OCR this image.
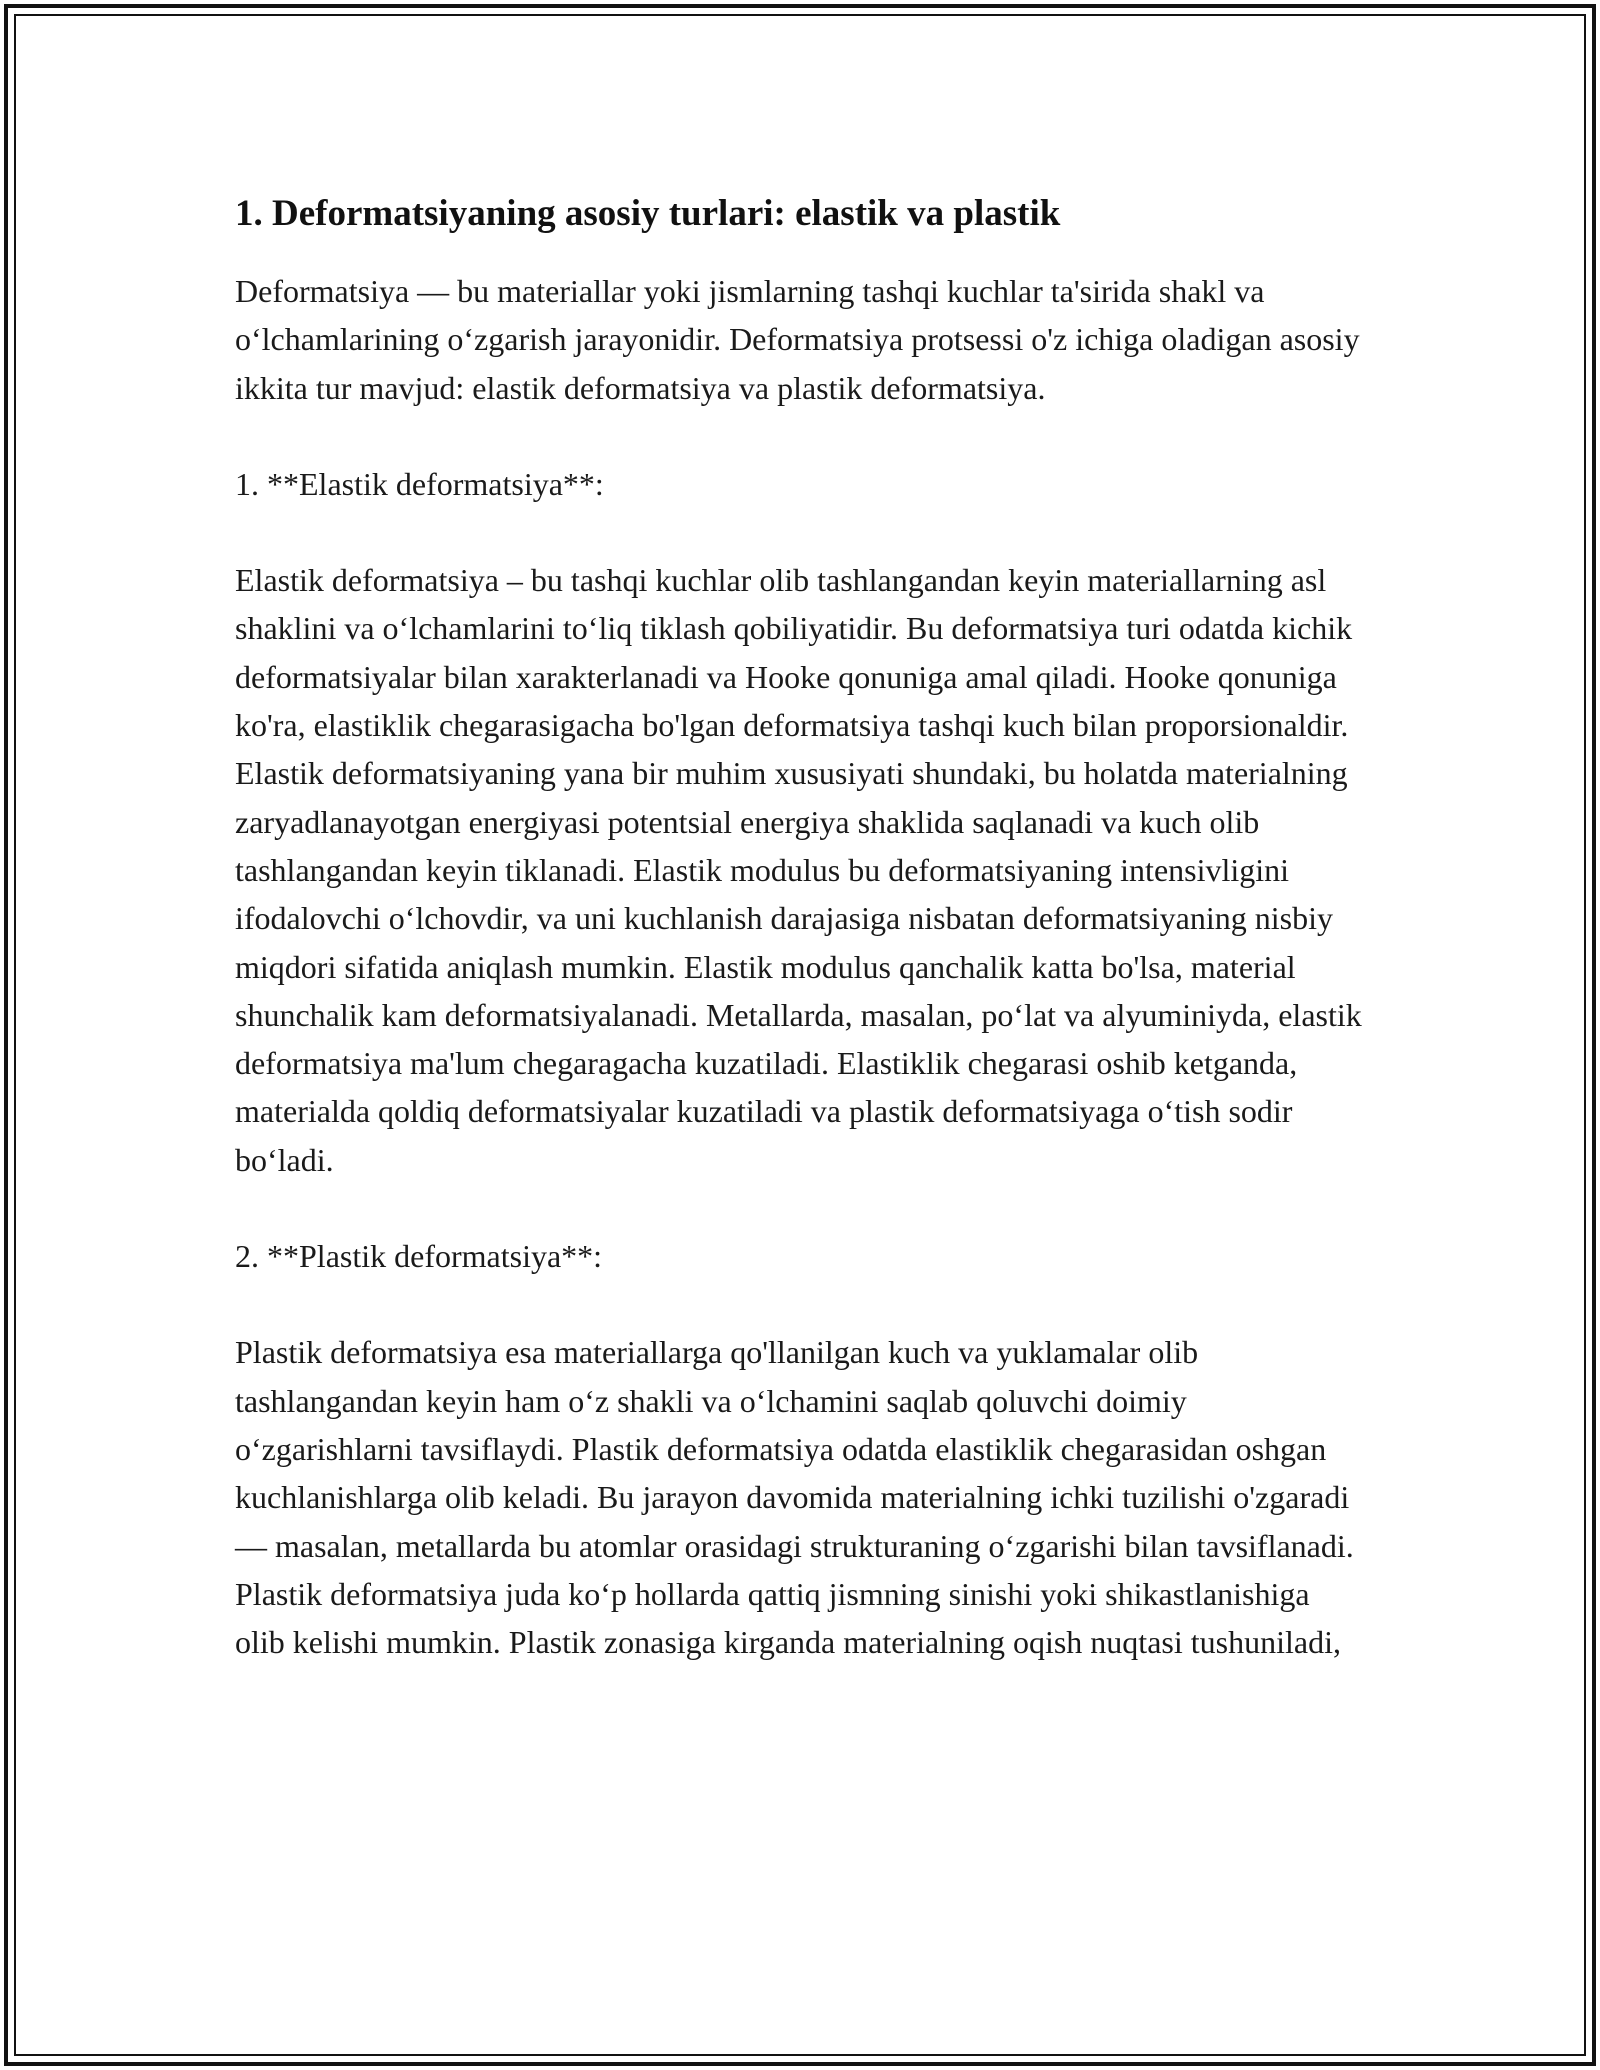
1. Deformatsiyaning asosiy turlari: elastik va plastik

Deformatsiya — bu materiallar yoki jismlarning tashqi kuchlar ta'sirida shakl va o‘lchamlarining o‘zgarish jarayonidir. Deformatsiya protsessi o'z ichiga oladigan asosiy ikkita tur mavjud: elastik deformatsiya va plastik deformatsiya.

1. **Elastik deformatsiya**:

Elastik deformatsiya – bu tashqi kuchlar olib tashlangandan keyin materiallarning asl shaklini va o‘lchamlarini to‘liq tiklash qobiliyatidir. Bu deformatsiya turi odatda kichik deformatsiyalar bilan xarakterlanadi va Hooke qonuniga amal qiladi. Hooke qonuniga ko'ra, elastiklik chegarasigacha bo'lgan deformatsiya tashqi kuch bilan proporsionaldir. Elastik deformatsiyaning yana bir muhim xususiyati shundaki, bu holatda materialning zaryadlanayotgan energiyasi potentsial energiya shaklida saqlanadi va kuch olib tashlangandan keyin tiklanadi. Elastik modulus bu deformatsiyaning intensivligini ifodalovchi o‘lchovdir, va uni kuchlanish darajasiga nisbatan deformatsiyaning nisbiy miqdori sifatida aniqlash mumkin. Elastik modulus qanchalik katta bo'lsa, material shunchalik kam deformatsiyalanadi. Metallarda, masalan, po‘lat va alyuminiyda, elastik deformatsiya ma'lum chegaragacha kuzatiladi. Elastiklik chegarasi oshib ketganda, materialda qoldiq deformatsiyalar kuzatiladi va plastik deformatsiyaga o‘tish sodir bo‘ladi.

2. **Plastik deformatsiya**:

Plastik deformatsiya esa materiallarga qo'llanilgan kuch va yuklamalar olib tashlangandan keyin ham o‘z shakli va o‘lchamini saqlab qoluvchi doimiy o‘zgarishlarni tavsiflaydi. Plastik deformatsiya odatda elastiklik chegarasidan oshgan kuchlanishlarga olib keladi. Bu jarayon davomida materialning ichki tuzilishi o'zgaradi — masalan, metallarda bu atomlar orasidagi strukturaning o‘zgarishi bilan tavsiflanadi. Plastik deformatsiya juda ko‘p hollarda qattiq jismning sinishi yoki shikastlanishiga olib kelishi mumkin. Plastik zonasiga kirganda materialning oqish nuqtasi tushuniladi,
